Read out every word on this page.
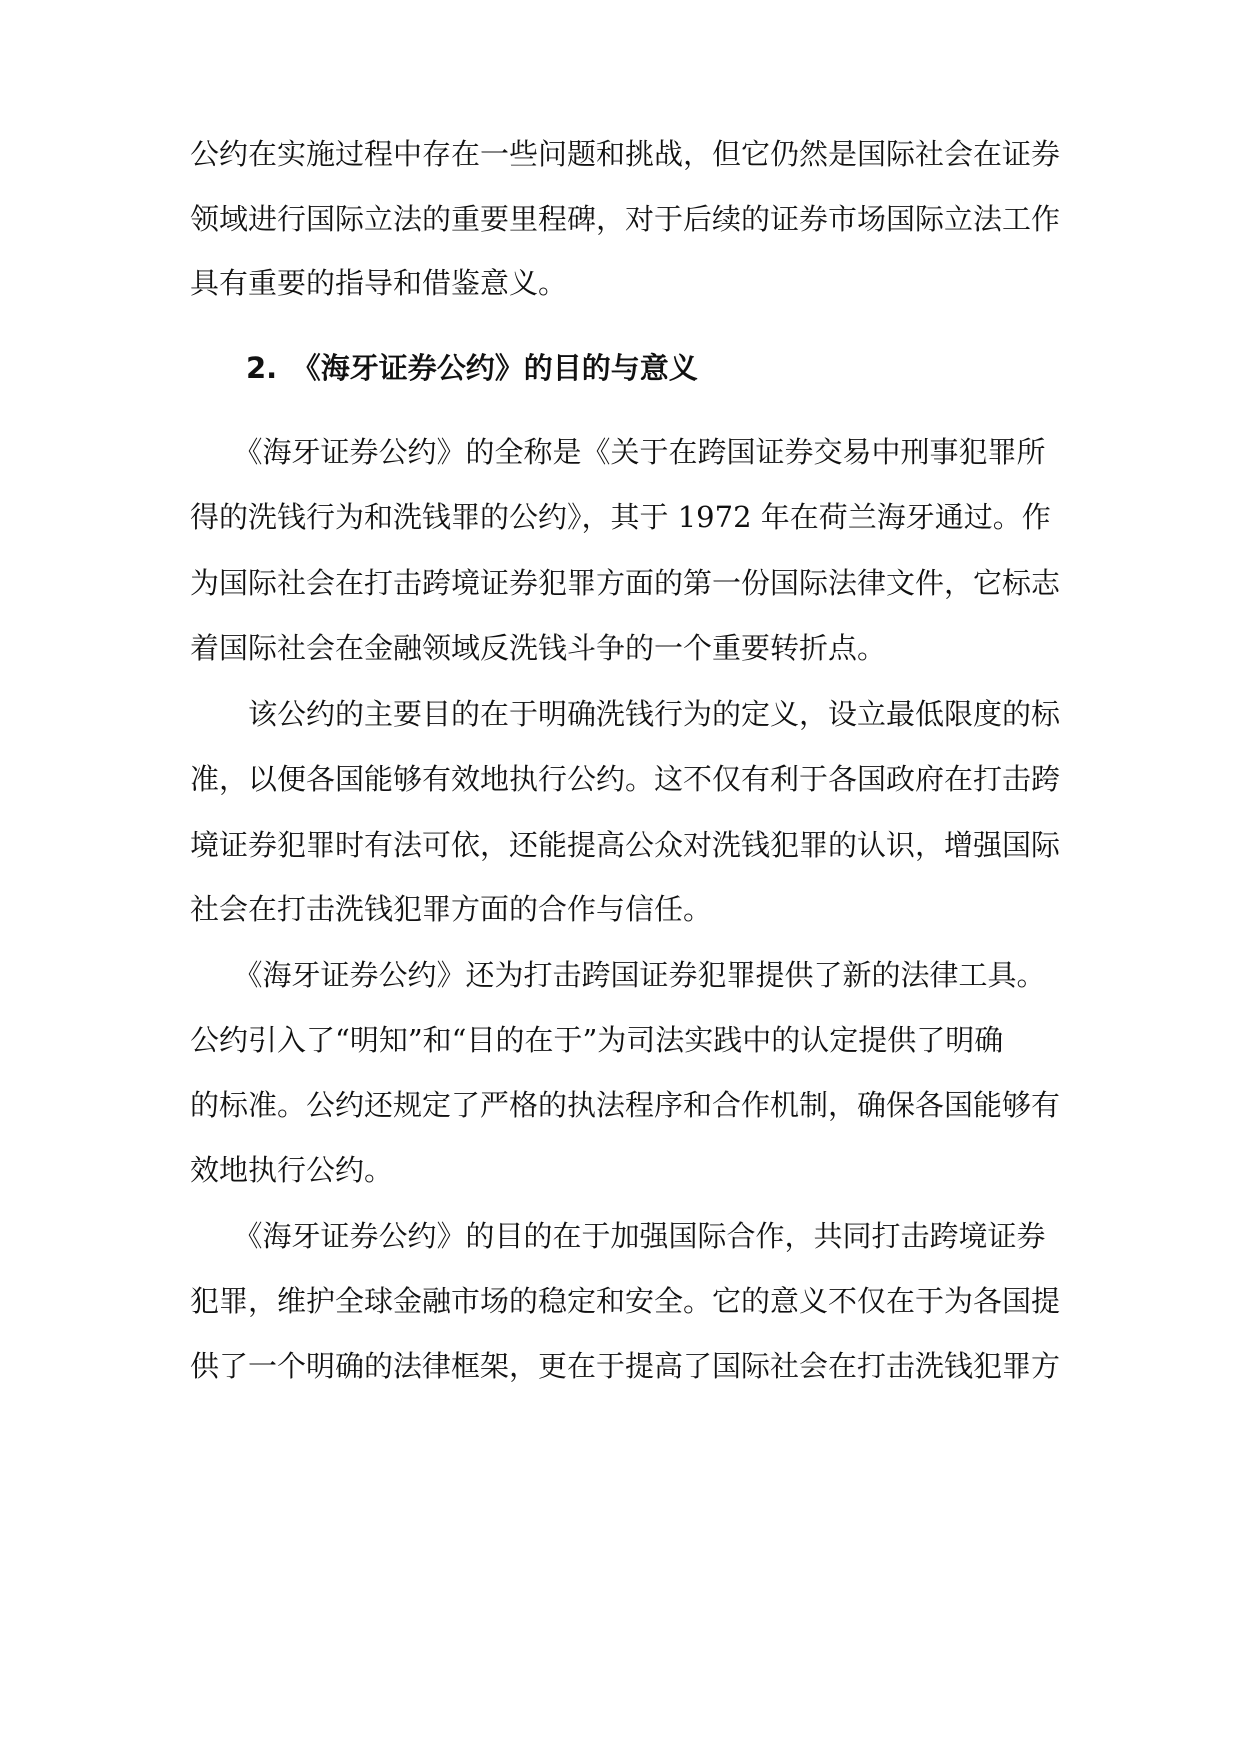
公约在实施过程中存在一些问题和挑战，但它仍然是国际社会在证券
领域进行国际立法的重要里程碑，对于后续的证券市场国际立法工作
具有重要的指导和借鉴意义。
2.　《海牙证券公约》的目的与意义
　　《海牙证券公约》的全称是《关于在跨国证券交易中刑事犯罪所
得的洗钱行为和洗钱罪的公约》，其于 1972 年在荷兰海牙通过。作
为国际社会在打击跨境证券犯罪方面的第一份国际法律文件，它标志
着国际社会在金融领域反洗钱斗争的一个重要转折点。
　　该公约的主要目的在于明确洗钱行为的定义，设立最低限度的标
准，以便各国能够有效地执行公约。这不仅有利于各国政府在打击跨
境证券犯罪时有法可依，还能提高公众对洗钱犯罪的认识，增强国际
社会在打击洗钱犯罪方面的合作与信任。
　　《海牙证券公约》还为打击跨国证券犯罪提供了新的法律工具。
公约引入了“明知”和“目的在于”为司法实践中的认定提供了明确
的标准。公约还规定了严格的执法程序和合作机制，确保各国能够有
效地执行公约。
　　《海牙证券公约》的目的在于加强国际合作，共同打击跨境证券
犯罪，维护全球金融市场的稳定和安全。它的意义不仅在于为各国提
供了一个明确的法律框架，更在于提高了国际社会在打击洗钱犯罪方
